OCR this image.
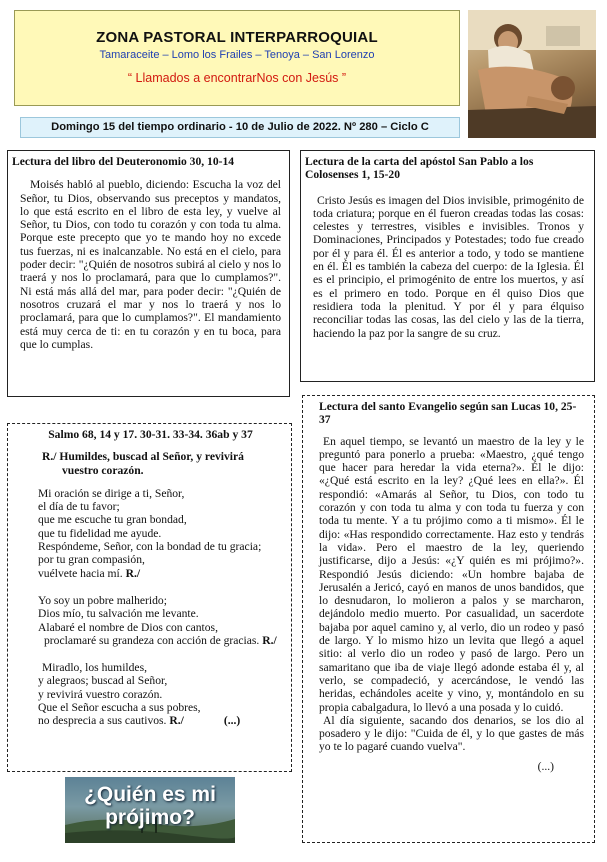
ZONA PASTORAL INTERPARROQUIAL
Tamaraceite – Lomo los Frailes – Tenoya – San Lorenzo
“ Llamados a encontrarNos con Jesús ”
Domingo 15 del tiempo ordinario - 10 de Julio de 2022. Nº 280 – Ciclo C
Lectura del libro del Deuteronomio 30, 10-14

Moisés habló al pueblo, diciendo: Escucha la voz del Señor, tu Dios, observando sus preceptos y mandatos, lo que está escrito en el libro de esta ley, y vuelve al Señor, tu Dios, con todo tu corazón y con toda tu alma. Porque este precepto que yo te mando hoy no excede tus fuerzas, ni es inalcanzable. No está en el cielo, para poder decir: "¿Quién de nosotros subirá al cielo y nos lo traerá y nos lo proclamará, para que lo cumplamos?". Ni está más allá del mar, para poder decir: "¿Quién de nosotros cruzará el mar y nos lo traerá y nos lo proclamará, para que lo cumplamos?". El mandamiento está muy cerca de ti: en tu corazón y en tu boca, para que lo cumplas.

Lectura de la carta del apóstol San Pablo a los Colosenses 1, 15-20

Cristo Jesús es imagen del Dios invisible, primogénito de toda criatura; porque en él fueron creadas todas las cosas: celestes y terrestres, visibles e invisibles. Tronos y Dominaciones, Principados y Potestades; todo fue creado por él y para él. Él es anterior a todo, y todo se mantiene en él. Él es también la cabeza del cuerpo: de la Iglesia. Él es el principio, el primogénito de entre los muertos, y así es el primero en todo. Porque en él quiso Dios que residiera toda la plenitud. Y por él y para élquiso reconciliar todas las cosas, las del cielo y las de la tierra, haciendo la paz por la sangre de su cruz.

Salmo 68, 14 y 17. 30-31. 33-34. 36ab y 37
R./ Humildes, buscad al Señor, y revivirá
vuestro corazón.
Mi oración se dirige a ti, Señor,
el día de tu favor;
que me escuche tu gran bondad,
que tu fidelidad me ayude.
Respóndeme, Señor, con la bondad de tu gracia;
por tu gran compasión,
vuélvete hacia mí. R./
Yo soy un pobre malherido;
Dios mío, tu salvación me levante.
Alabaré el nombre de Dios con cantos,
proclamaré su grandeza con acción de gracias. R./
Miradlo, los humildes,
y alegraos; buscad al Señor,
y revivirá vuestro corazón.
Que el Señor escucha a sus pobres,
no desprecia a sus cautivos. R./	(...)
Lectura del santo Evangelio según san Lucas 10, 25-37

En aquel tiempo, se levantó un maestro de la ley y le preguntó para ponerlo a prueba: «Maestro, ¿qué tengo que hacer para heredar la vida eterna?». Él le dijo: «¿Qué está escrito en la ley? ¿Qué lees en ella?». Él respondió: «Amarás al Señor, tu Dios, con todo tu corazón y con toda tu alma y con toda tu fuerza y con toda tu mente. Y a tu prójimo como a ti mismo». Él le dijo: «Has respondido correctamente. Haz esto y tendrás la vida». Pero el maestro de la ley, queriendo justificarse, dijo a Jesús: «¿Y quién es mi prójimo?». Respondió Jesús diciendo: «Un hombre bajaba de Jerusalén a Jericó, cayó en manos de unos bandidos, que lo desnudaron, lo molieron a palos y se marcharon, dejándolo medio muerto. Por casualidad, un sacerdote bajaba por aquel camino y, al verlo, dio un rodeo y pasó de largo. Y lo mismo hizo un levita que llegó a aquel sitio: al verlo dio un rodeo y pasó de largo. Pero un samaritano que iba de viaje llegó adonde estaba él y, al verlo, se compadeció, y acercándose, le vendó las heridas, echándoles aceite y vino, y, montándolo en su propia cabalgadura, lo llevó a una posada y lo cuidó.

Al día siguiente, sacando dos denarios, se los dio al posadero y le dijo: "Cuida de él, y lo que gastes de más yo te lo pagaré cuando vuelva".

(...)
¿Quién es mi
prójimo?
